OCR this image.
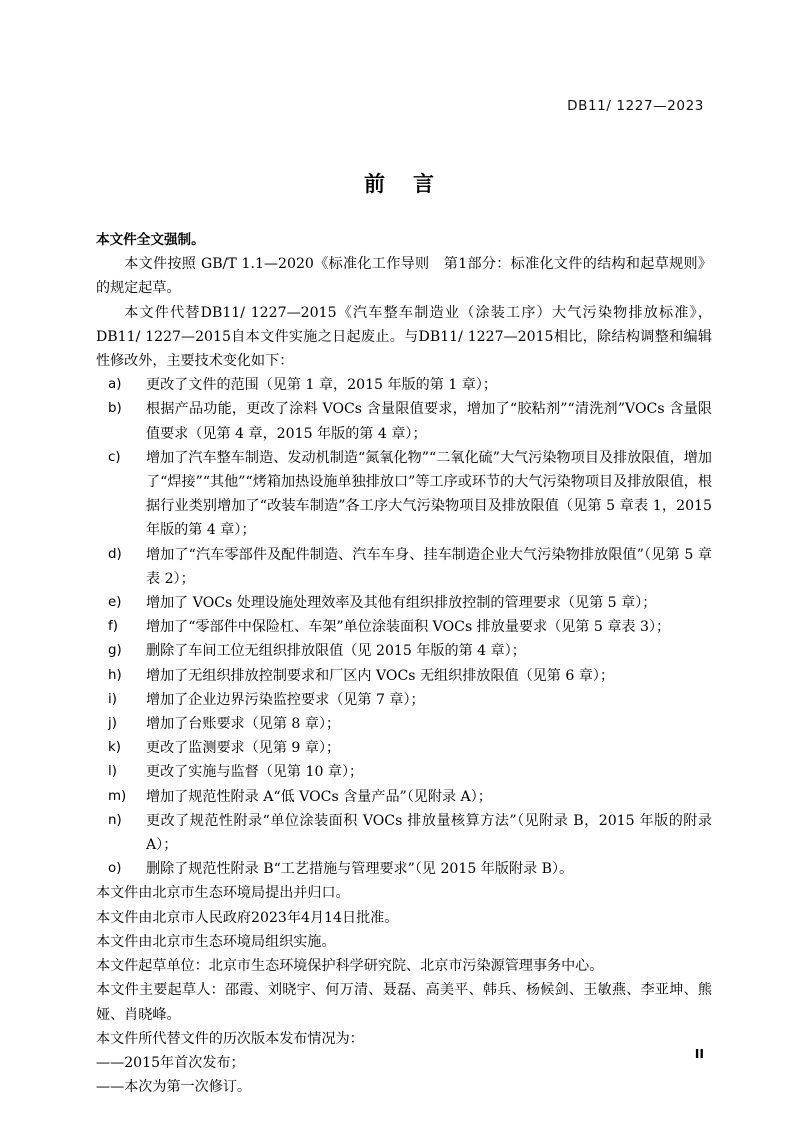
DB11/ 1227—2023
前 言

本文件全文强制。

本文件按照 GB/T 1.1—2020《标准化工作导则　第1部分：标准化文件的结构和起草规则》的规定起草。

本文件代替DB11/ 1227—2015《汽车整车制造业（涂装工序）大气污染物排放标准》，DB11/ 1227—2015自本文件实施之日起废止。与DB11/ 1227—2015相比，除结构调整和编辑性修改外，主要技术变化如下：

a)	更改了文件的范围（见第 1 章，2015 年版的第 1 章）；
b)	根据产品功能，更改了涂料 VOCs 含量限值要求，增加了“胶粘剂”“清洗剂”VOCs 含量限值要求（见第 4 章，2015 年版的第 4 章）；
c)	增加了汽车整车制造、发动机制造“氮氧化物”“二氧化硫”大气污染物项目及排放限值，增加了“焊接”“其他”“烤箱加热设施单独排放口”等工序或环节的大气污染物项目及排放限值，根据行业类别增加了“改装车制造”各工序大气污染物项目及排放限值（见第 5 章表 1，2015 年版的第 4 章）；
d)	增加了“汽车零部件及配件制造、汽车车身、挂车制造企业大气污染物排放限值”（见第 5 章表 2）；
e)	增加了 VOCs 处理设施处理效率及其他有组织排放控制的管理要求（见第 5 章）；
f)	增加了“零部件中保险杠、车架”单位涂装面积 VOCs 排放量要求（见第 5 章表 3）；
g)	删除了车间工位无组织排放限值（见 2015 年版的第 4 章）；
h)	增加了无组织排放控制要求和厂区内 VOCs 无组织排放限值（见第 6 章）；
i)	增加了企业边界污染监控要求（见第 7 章）；
j)	增加了台账要求（见第 8 章）；
k)	更改了监测要求（见第 9 章）；
l)	更改了实施与监督（见第 10 章）；
m)	增加了规范性附录 A“低 VOCs 含量产品”（见附录 A）；
n)	更改了规范性附录“单位涂装面积 VOCs 排放量核算方法”（见附录 B，2015 年版的附录 A）；
o)	删除了规范性附录 B“工艺措施与管理要求”（见 2015 年版附录 B）。

本文件由北京市生态环境局提出并归口。

本文件由北京市人民政府2023年4月14日批准。

本文件由北京市生态环境局组织实施。

本文件起草单位：北京市生态环境保护科学研究院、北京市污染源管理事务中心。

本文件主要起草人：邵霞、刘晓宇、何万清、聂磊、高美平、韩兵、杨候剑、王敏燕、李亚坤、熊娅、肖晓峰。

本文件所代替文件的历次版本发布情况为：

——2015年首次发布；

——本次为第一次修订。

II
